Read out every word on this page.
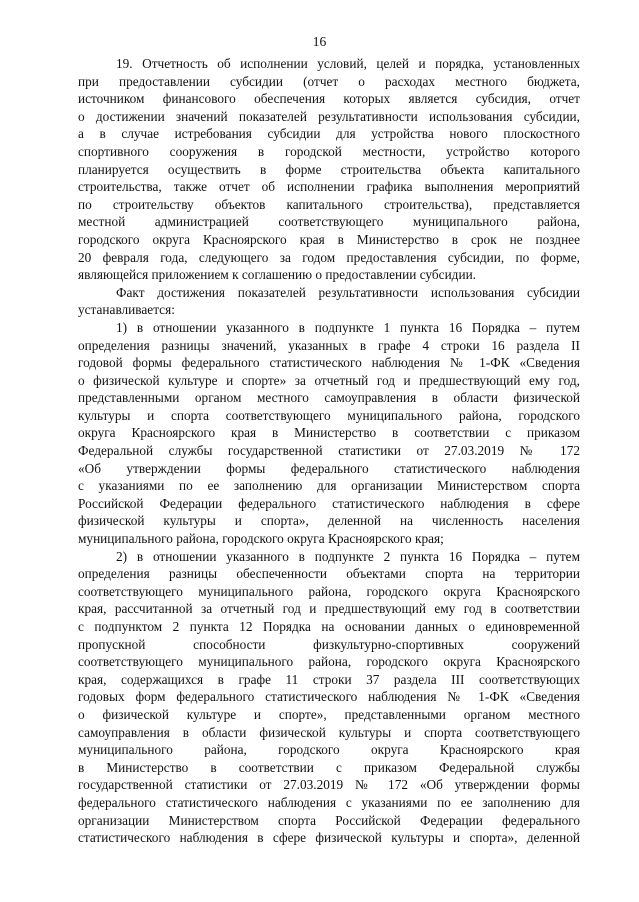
16
19. Отчетность об исполнении условий, целей и порядка, установленных
при предоставлении субсидии (отчет о расходах местного бюджета,
источником финансового обеспечения которых является субсидия, отчет
о достижении значений показателей результативности использования субсидии,
а в случае истребования субсидии для устройства нового плоскостного
спортивного сооружения в городской местности, устройство которого
планируется осуществить в форме строительства объекта капитального
строительства, также отчет об исполнении графика выполнения мероприятий
по строительству объектов капитального строительства), представляется
местной администрацией соответствующего муниципального района,
городского округа Красноярского края в Министерство в срок не позднее
20 февраля года, следующего за годом предоставления субсидии, по форме,
являющейся приложением к соглашению о предоставлении субсидии.
Факт достижения показателей результативности использования субсидии
устанавливается:
1) в отношении указанного в подпункте 1 пункта 16 Порядка – путем
определения разницы значений, указанных в графе 4 строки 16 раздела II
годовой формы федерального статистического наблюдения № 1-ФК «Сведения
о физической культуре и спорте» за отчетный год и предшествующий ему год,
представленными органом местного самоуправления в области физической
культуры и спорта соответствующего муниципального района, городского
округа Красноярского края в Министерство в соответствии с приказом
Федеральной службы государственной статистики от 27.03.2019 № 172
«Об утверждении формы федерального статистического наблюдения
с указаниями по ее заполнению для организации Министерством спорта
Российской Федерации федерального статистического наблюдения в сфере
физической культуры и спорта», деленной на численность населения
муниципального района, городского округа Красноярского края;
2) в отношении указанного в подпункте 2 пункта 16 Порядка – путем
определения разницы обеспеченности объектами спорта на территории
соответствующего муниципального района, городского округа Красноярского
края, рассчитанной за отчетный год и предшествующий ему год в соответствии
с подпунктом 2 пункта 12 Порядка на основании данных о единовременной
пропускной способности физкультурно-спортивных сооружений
соответствующего муниципального района, городского округа Красноярского
края, содержащихся в графе 11 строки 37 раздела III соответствующих
годовых форм федерального статистического наблюдения № 1-ФК «Сведения
о физической культуре и спорте», представленными органом местного
самоуправления в области физической культуры и спорта соответствующего
муниципального района, городского округа Красноярского края
в Министерство в соответствии с приказом Федеральной службы
государственной статистики от 27.03.2019 № 172 «Об утверждении формы
федерального статистического наблюдения с указаниями по ее заполнению для
организации Министерством спорта Российской Федерации федерального
статистического наблюдения в сфере физической культуры и спорта», деленной
